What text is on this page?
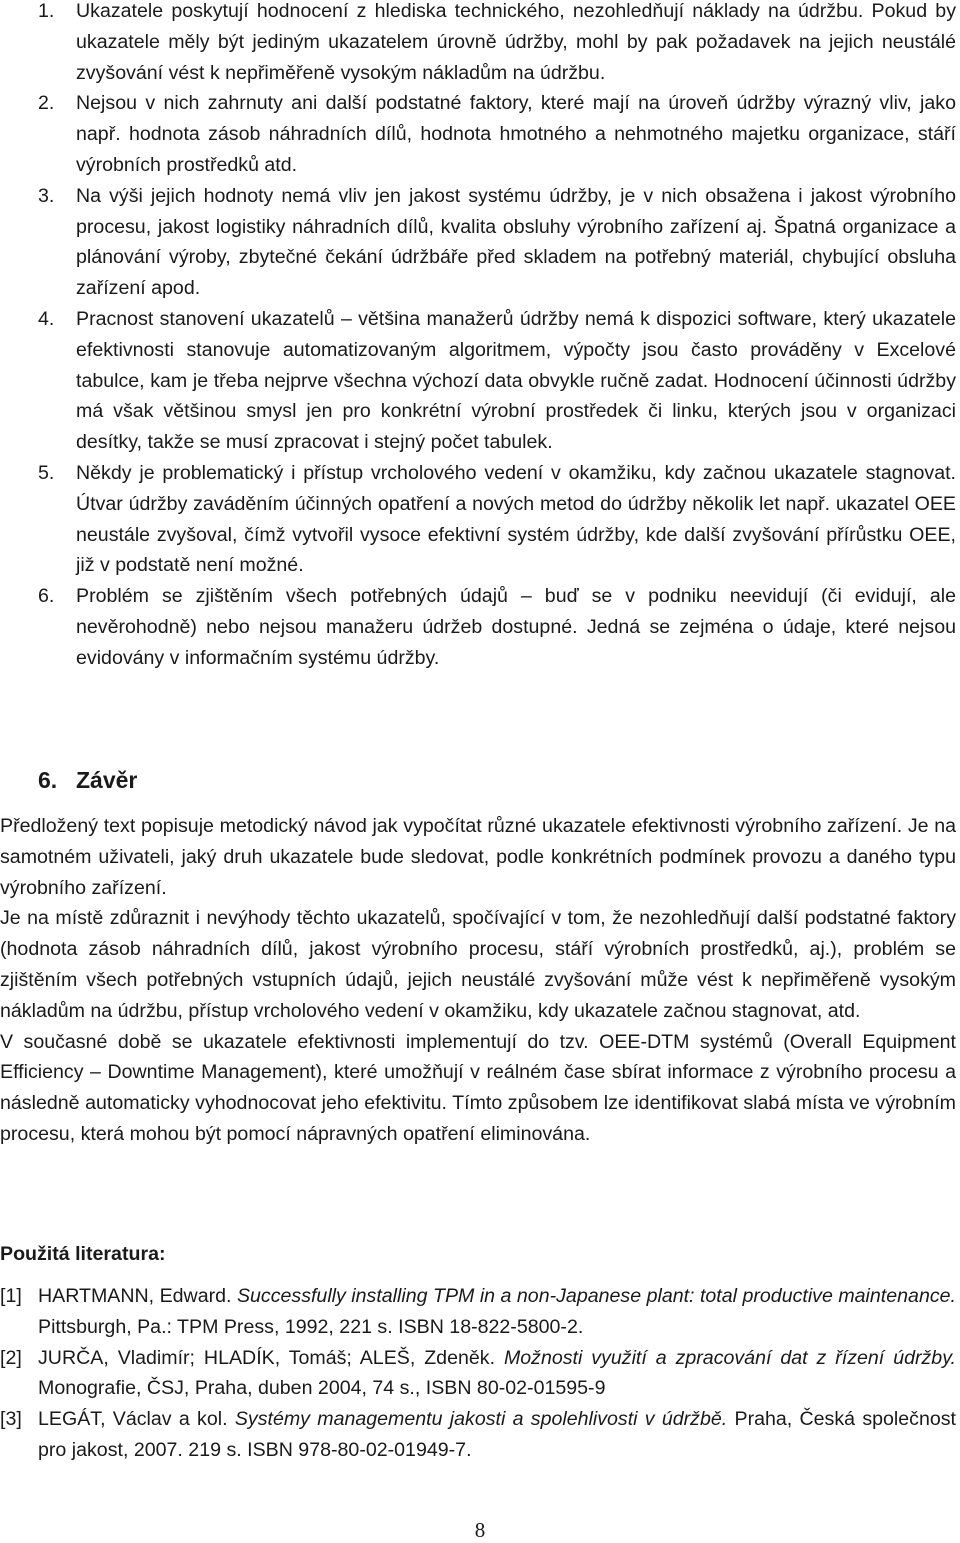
1. Ukazatele poskytují hodnocení z hlediska technického, nezohledňují náklady na údržbu. Pokud by ukazatele měly být jediným ukazatelem úrovně údržby, mohl by pak požadavek na jejich neustálé zvyšování vést k nepřiměřeně vysokým nákladům na údržbu.
2. Nejsou v nich zahrnuty ani další podstatné faktory, které mají na úroveň údržby výrazný vliv, jako např. hodnota zásob náhradních dílů, hodnota hmotného a nehmotného majetku organizace, stáří výrobních prostředků atd.
3. Na výši jejich hodnoty nemá vliv jen jakost systému údržby, je v nich obsažena i jakost výrobního procesu, jakost logistiky náhradních dílů, kvalita obsluhy výrobního zařízení aj. Špatná organizace a plánování výroby, zbytečné čekání údržbáře před skladem na potřebný materiál, chybující obsluha zařízení apod.
4. Pracnost stanovení ukazatelů – většina manažerů údržby nemá k dispozici software, který ukazatele efektivnosti stanovuje automatizovaným algoritmem, výpočty jsou často prováděny v Excelové tabulce, kam je třeba nejprve všechna výchozí data obvykle ručně zadat. Hodnocení účinnosti údržby má však většinou smysl jen pro konkrétní výrobní prostředek či linku, kterých jsou v organizaci desítky, takže se musí zpracovat i stejný počet tabulek.
5. Někdy je problematický i přístup vrcholového vedení v okamžiku, kdy začnou ukazatele stagnovat. Útvar údržby zaváděním účinných opatření a nových metod do údržby několik let např. ukazatel OEE neustále zvyšoval, čímž vytvořil vysoce efektivní systém údržby, kde další zvyšování přírůstku OEE, již v podstatě není možné.
6. Problém se zjištěním všech potřebných údajů – buď se v podniku neevidují (či evidují, ale nevěrohodně) nebo nejsou manažeru údržeb dostupné. Jedná se zejména o údaje, které nejsou evidovány v informačním systému údržby.
6. Závěr

Předložený text popisuje metodický návod jak vypočítat různé ukazatele efektivnosti výrobního zařízení. Je na samotném uživateli, jaký druh ukazatele bude sledovat, podle konkrétních podmínek provozu a daného typu výrobního zařízení.

Je na místě zdůraznit i nevýhody těchto ukazatelů, spočívající v tom, že nezohledňují další podstatné faktory (hodnota zásob náhradních dílů, jakost výrobního procesu, stáří výrobních prostředků, aj.), problém se zjištěním všech potřebných vstupních údajů, jejich neustálé zvyšování může vést k nepřiměřeně vysokým nákladům na údržbu, přístup vrcholového vedení v okamžiku, kdy ukazatele začnou stagnovat, atd.

V současné době se ukazatele efektivnosti implementují do tzv. OEE-DTM systémů (Overall Equipment Efficiency – Downtime Management), které umožňují v reálném čase sbírat informace z výrobního procesu a následně automaticky vyhodnocovat jeho efektivitu. Tímto způsobem lze identifikovat slabá místa ve výrobním procesu, která mohou být pomocí nápravných opatření eliminována.

Použitá literatura:
[1] HARTMANN, Edward. Successfully installing TPM in a non-Japanese plant: total productive maintenance. Pittsburgh, Pa.: TPM Press, 1992, 221 s. ISBN 18-822-5800-2.
[2] JURČA, Vladimír; HLADÍK, Tomáš; ALEŠ, Zdeněk. Možnosti využití a zpracování dat z řízení údržby. Monografie, ČSJ, Praha, duben 2004, 74 s., ISBN 80-02-01595-9
[3] LEGÁT, Václav a kol. Systémy managementu jakosti a spolehlivosti v údržbě. Praha, Česká společnost pro jakost, 2007. 219 s. ISBN 978-80-02-01949-7.
8
